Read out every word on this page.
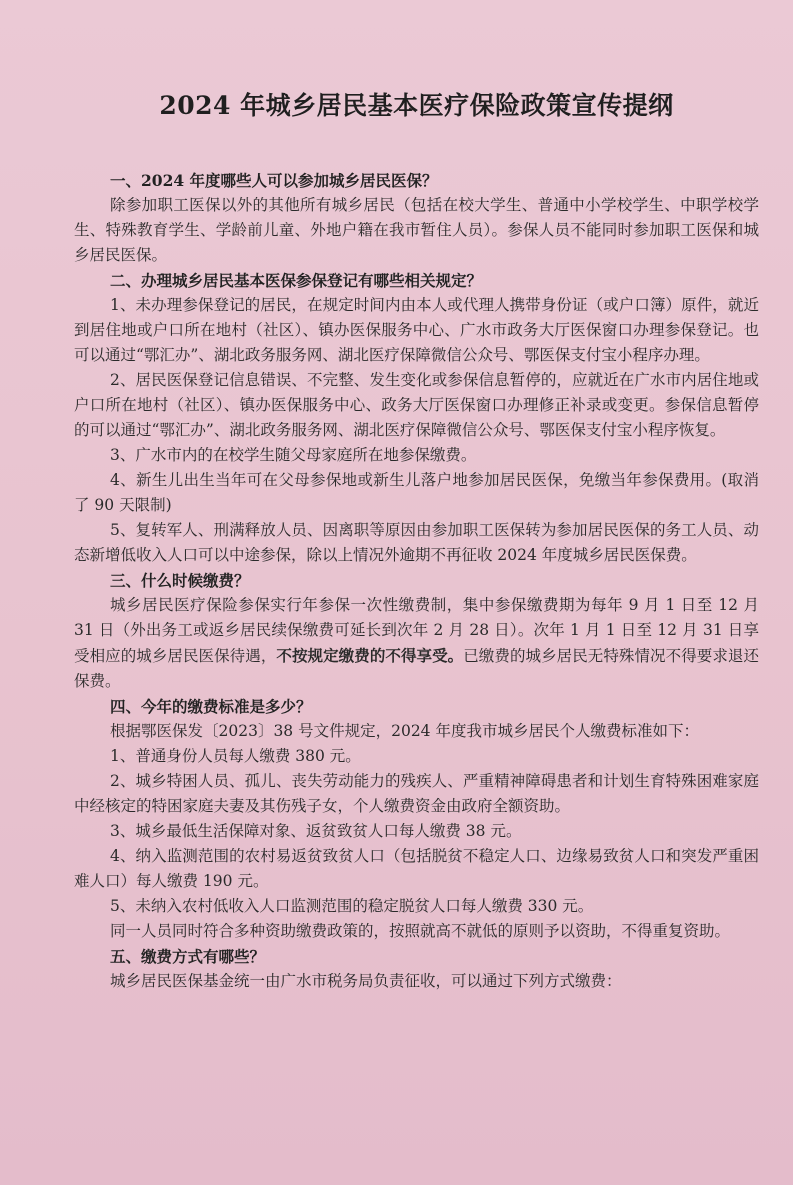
2024 年城乡居民基本医疗保险政策宣传提纲

一、2024 年度哪些人可以参加城乡居民医保？

除参加职工医保以外的其他所有城乡居民（包括在校大学生、普通中小学校学生、中职学校学生、特殊教育学生、学龄前儿童、外地户籍在我市暂住人员）。参保人员不能同时参加职工医保和城乡居民医保。

二、办理城乡居民基本医保参保登记有哪些相关规定？

1、未办理参保登记的居民，在规定时间内由本人或代理人携带身份证（或户口簿）原件，就近到居住地或户口所在地村（社区）、镇办医保服务中心、广水市政务大厅医保窗口办理参保登记。也可以通过“鄂汇办”、湖北政务服务网、湖北医疗保障微信公众号、鄂医保支付宝小程序办理。

2、居民医保登记信息错误、不完整、发生变化或参保信息暂停的，应就近在广水市内居住地或户口所在地村（社区）、镇办医保服务中心、政务大厅医保窗口办理修正补录或变更。参保信息暂停的可以通过“鄂汇办”、湖北政务服务网、湖北医疗保障微信公众号、鄂医保支付宝小程序恢复。

3、广水市内的在校学生随父母家庭所在地参保缴费。

4、新生儿出生当年可在父母参保地或新生儿落户地参加居民医保，免缴当年参保费用。(取消了 90 天限制)

5、复转军人、刑满释放人员、因离职等原因由参加职工医保转为参加居民医保的务工人员、动态新增低收入人口可以中途参保，除以上情况外逾期不再征收 2024 年度城乡居民医保费。

三、什么时候缴费？

城乡居民医疗保险参保实行年参保一次性缴费制，集中参保缴费期为每年 9 月 1 日至 12 月 31 日（外出务工或返乡居民续保缴费可延长到次年 2 月 28 日）。次年 1 月 1 日至 12 月 31 日享受相应的城乡居民医保待遇，不按规定缴费的不得享受。已缴费的城乡居民无特殊情况不得要求退还保费。

四、今年的缴费标准是多少？

根据鄂医保发〔2023〕38 号文件规定，2024 年度我市城乡居民个人缴费标准如下：

1、普通身份人员每人缴费 380 元。

2、城乡特困人员、孤儿、丧失劳动能力的残疾人、严重精神障碍患者和计划生育特殊困难家庭中经核定的特困家庭夫妻及其伤残子女，个人缴费资金由政府全额资助。

3、城乡最低生活保障对象、返贫致贫人口每人缴费 38 元。

4、纳入监测范围的农村易返贫致贫人口（包括脱贫不稳定人口、边缘易致贫人口和突发严重困难人口）每人缴费 190 元。

5、未纳入农村低收入人口监测范围的稳定脱贫人口每人缴费 330 元。

同一人员同时符合多种资助缴费政策的，按照就高不就低的原则予以资助，不得重复资助。

五、缴费方式有哪些？

城乡居民医保基金统一由广水市税务局负责征收，可以通过下列方式缴费：
